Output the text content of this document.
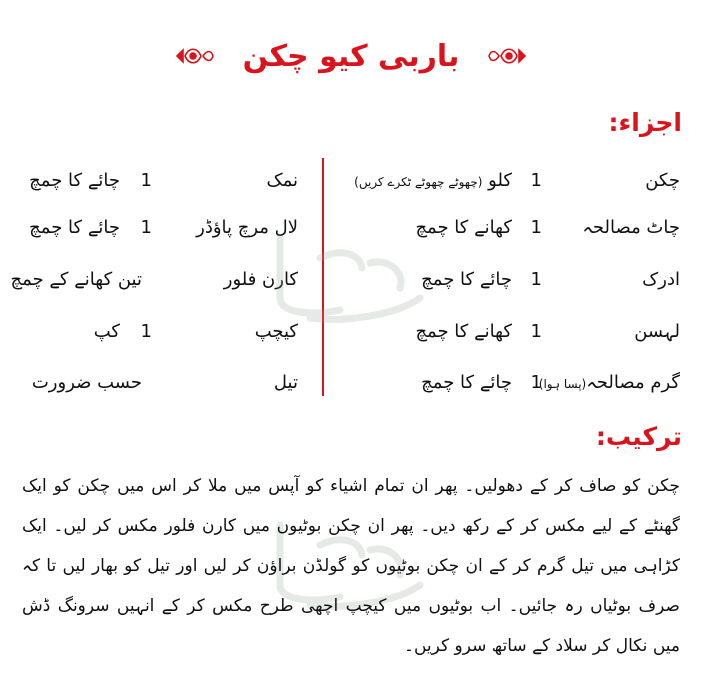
باربی کیو چکن
اجزاء:
چکن
1
کلو (چھوٹے چھوٹے ٹکرے کریں)
چاٹ مصالحہ
1
کھانے کا چمچ
ادرک
1
چائے کا چمچ
لہسن
1
کھانے کا چمچ
گرم مصالحہ(پسا ہوا)
1
چائے کا چمچ
نمک
1
چائے کا چمچ
لال مرچ پاؤڈر
1
چائے کا چمچ
کارن فلور
تین کھانے کے چمچ
کیچپ
1
کپ
تیل
حسب ضرورت
ترکیب:
چکن کو صاف کر کے دھولیں۔ پھر ان تمام اشیاء کو آپس میں ملا کر اس میں چکن کو ایک گھنٹے کے لیے مکس کر کے رکھ دیں۔ پھر ان چکن بوٹیوں میں کارن فلور مکس کر لیں۔ ایک کڑاہی میں تیل گرم کر کے ان چکن بوٹیوں کو گولڈن براؤن کر لیں اور تیل کو بھار لیں تا کہ صرف بوٹیاں رہ جائیں۔ اب بوٹیوں میں کیچپ اچھی طرح مکس کر کے انہیں سرونگ ڈش میں نکال کر سلاد کے ساتھ سرو کریں۔
